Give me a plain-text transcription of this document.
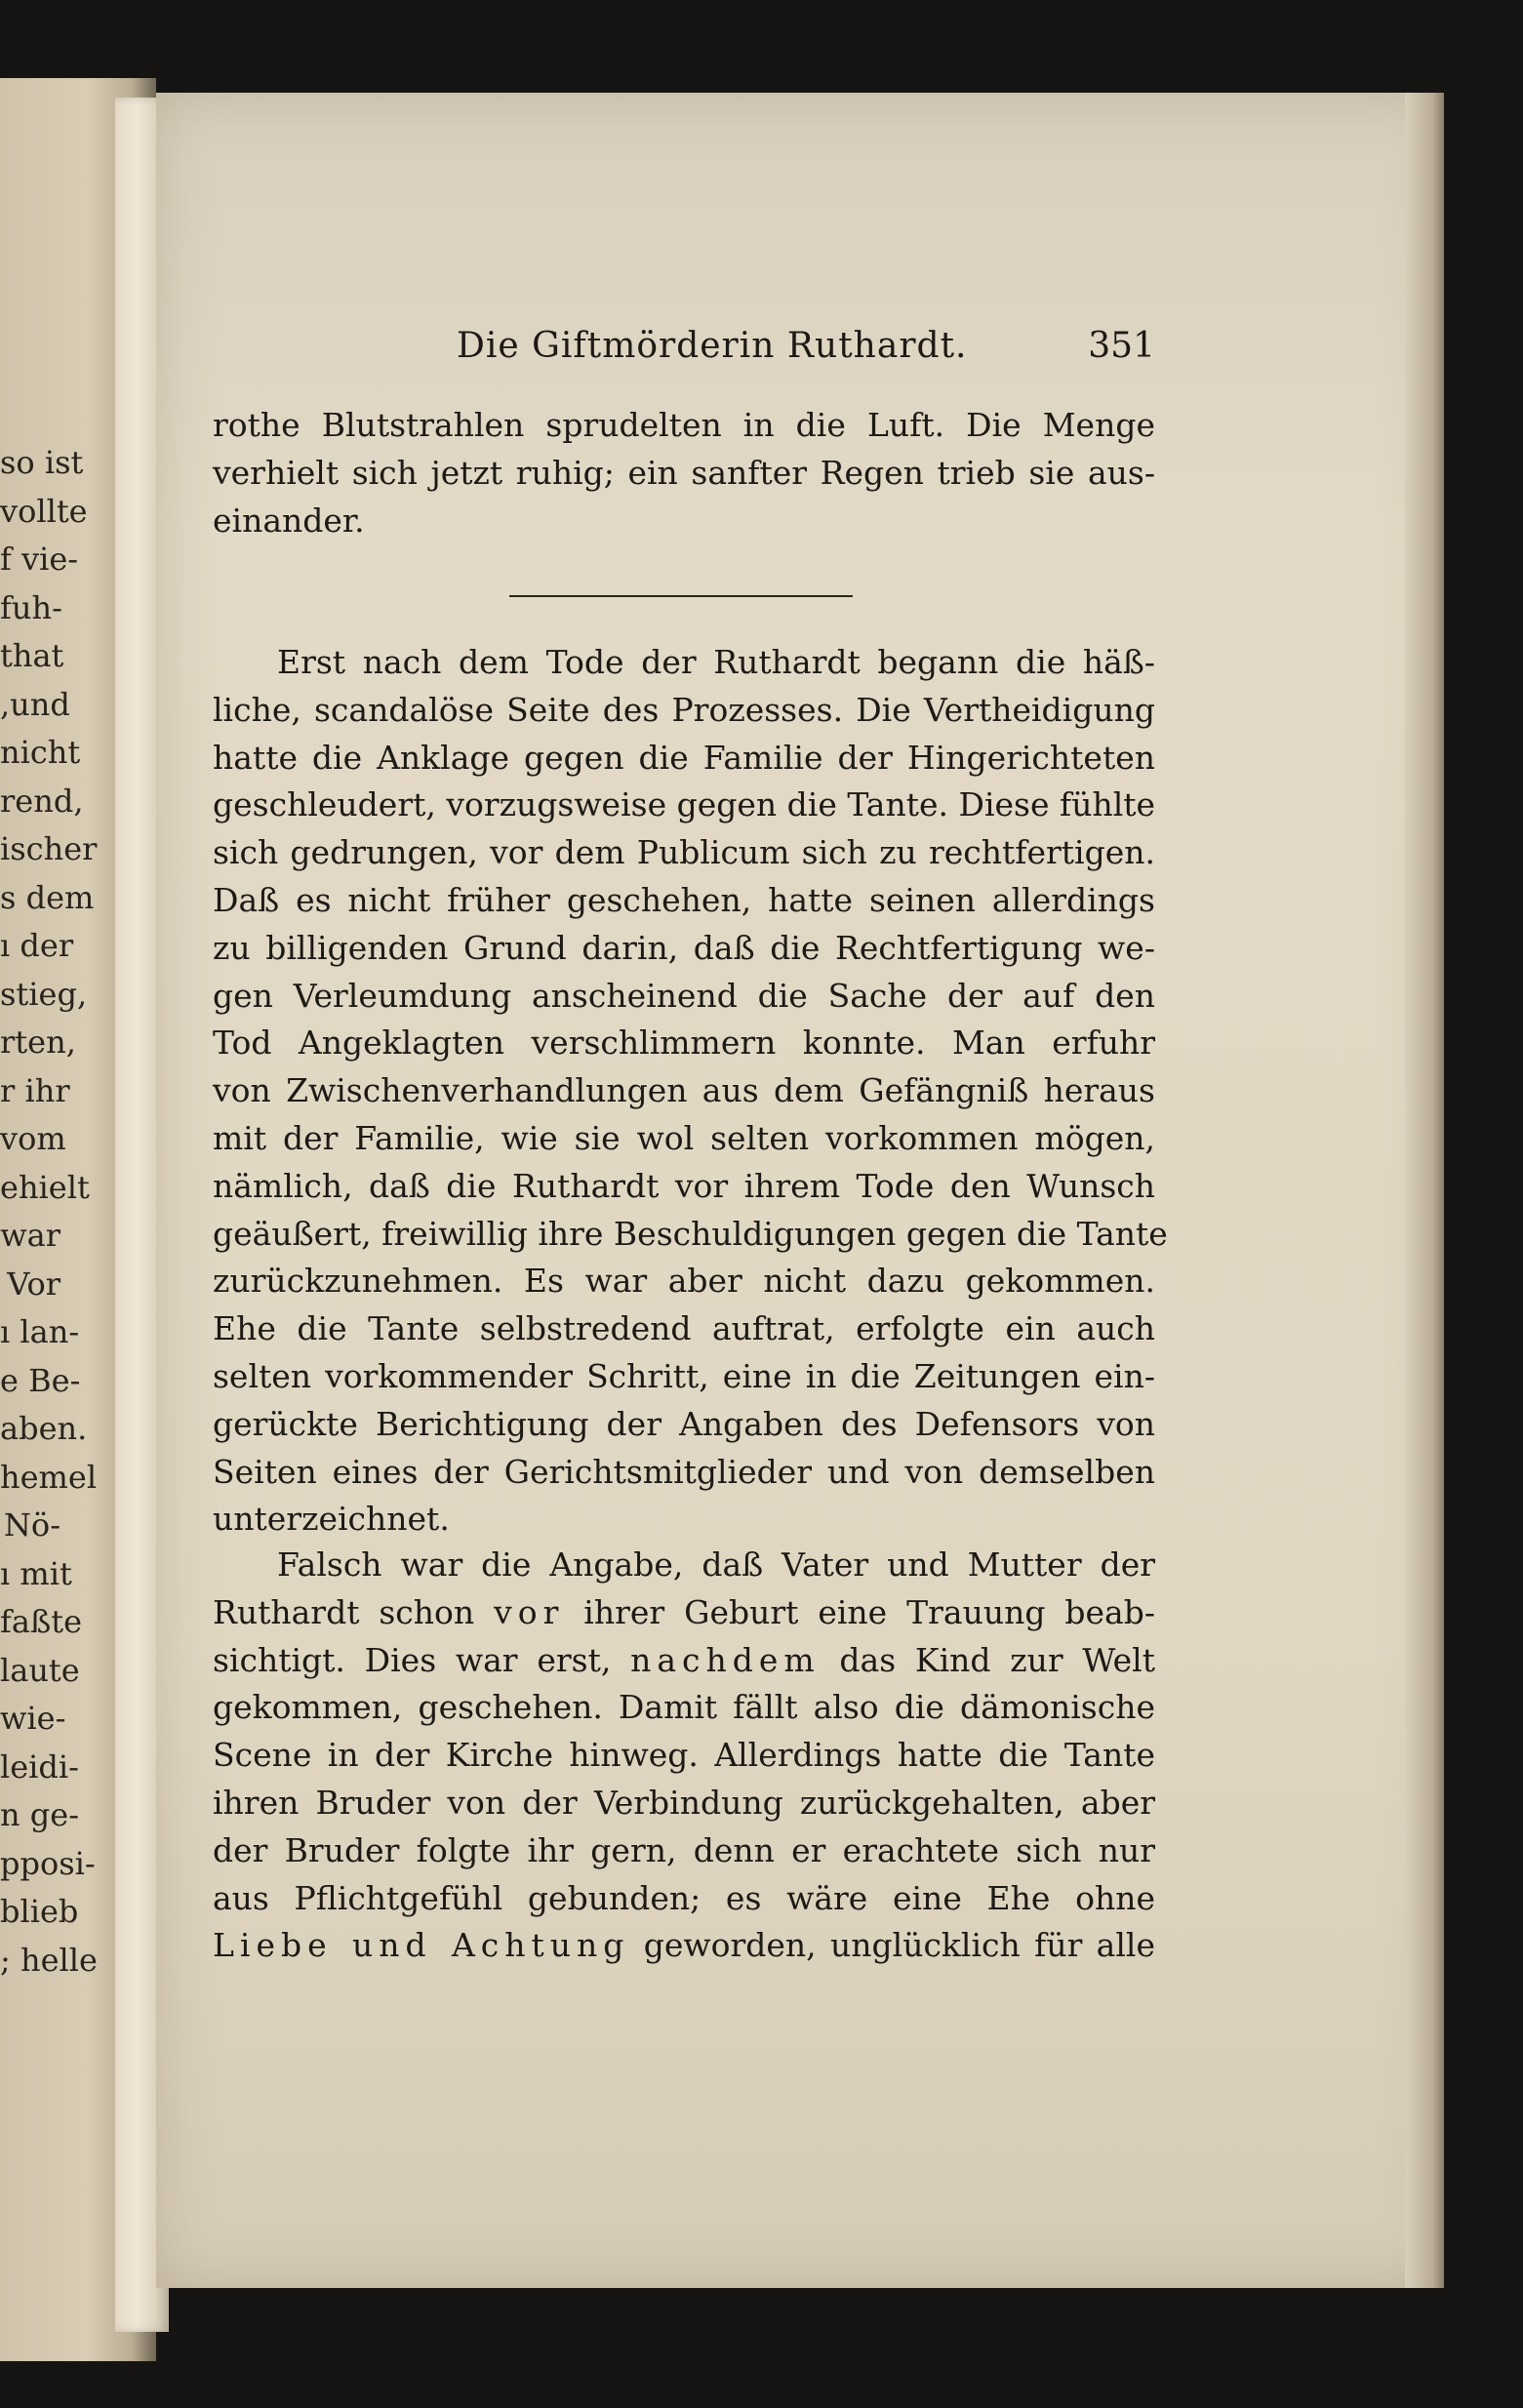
so ist
vollte
f vie-
fuh-
that
,und
nicht
rend,
ischer
s dem
ı der
stieg,
rten,
r ihr
vom
ehielt
war
Vor
ı lan-
e Be-
aben.
hemel
Nö-
ı mit
faßte
laute
wie-
leidi-
n ge-
pposi-
blieb
; helle
Die Giftmörderin Ruthardt.	351
rothe Blutstrahlen sprudelten in die Luft. Die Menge
verhielt sich jetzt ruhig; ein sanfter Regen trieb sie aus-
einander.
Erst nach dem Tode der Ruthardt begann die häß-
liche, scandalöse Seite des Prozesses. Die Vertheidigung
hatte die Anklage gegen die Familie der Hingerichteten
geschleudert, vorzugsweise gegen die Tante. Diese fühlte
sich gedrungen, vor dem Publicum sich zu rechtfertigen.
Daß es nicht früher geschehen, hatte seinen allerdings
zu billigenden Grund darin, daß die Rechtfertigung we-
gen Verleumdung anscheinend die Sache der auf den
Tod Angeklagten verschlimmern konnte. Man erfuhr
von Zwischenverhandlungen aus dem Gefängniß heraus
mit der Familie, wie sie wol selten vorkommen mögen,
nämlich, daß die Ruthardt vor ihrem Tode den Wunsch
geäußert, freiwillig ihre Beschuldigungen gegen die Tante
zurückzunehmen. Es war aber nicht dazu gekommen.
Ehe die Tante selbstredend auftrat, erfolgte ein auch
selten vorkommender Schritt, eine in die Zeitungen ein-
gerückte Berichtigung der Angaben des Defensors von
Seiten eines der Gerichtsmitglieder und von demselben
unterzeichnet.
Falsch war die Angabe, daß Vater und Mutter der
Ruthardt schon vor ihrer Geburt eine Trauung beab-
sichtigt. Dies war erst, nachdem das Kind zur Welt
gekommen, geschehen. Damit fällt also die dämonische
Scene in der Kirche hinweg. Allerdings hatte die Tante
ihren Bruder von der Verbindung zurückgehalten, aber
der Bruder folgte ihr gern, denn er erachtete sich nur
aus Pflichtgefühl gebunden; es wäre eine Ehe ohne
Liebe und Achtung geworden, unglücklich für alle
